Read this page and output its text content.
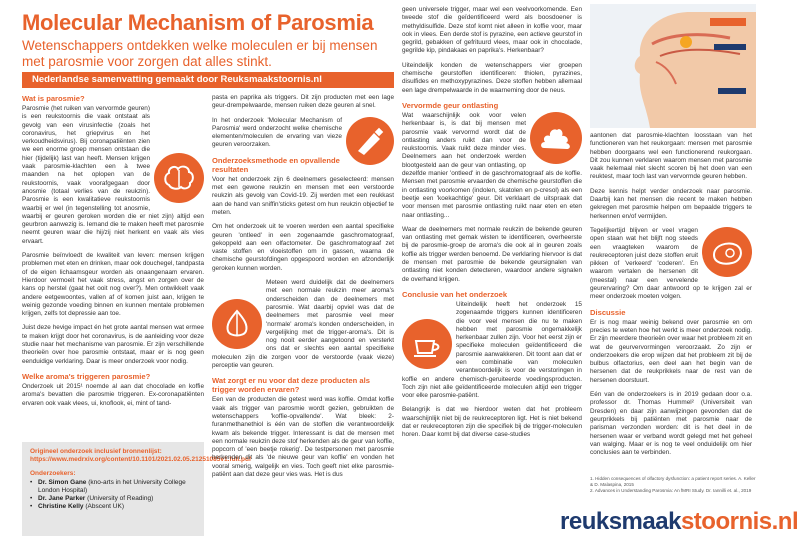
Molecular Mechanism of Parosmia
Wetenschappers ontdekken welke moleculen er bij mensen met parosmie voor zorgen dat alles stinkt.
Nederlandse samenvatting gemaakt door Reuksmaakstoornis.nl
Wat is parosmie?

Parosmie (het ruiken van vervormde geuren) is een reukstoornis die vaak ontstaat als gevolg van een virusinfectie (zoals het coronavirus, het griepvirus en het verkoudheidsvirus). Bij coronapatiënten zien we een enorme groep mensen ontstaan die hier (tijdelijk) last van heeft. Mensen krijgen vaak parosmie-klachten een à twee maanden na het oplopen van de reukstoornis, vaak voorafgegaan door anosmie (totaal verlies van de reukzin). Parosmie is een kwalitatieve reukstoornis waarbij er wel (in tegenstelling tot anosmie, waarbij er geuren geroken worden die er niet zijn) altijd een geurbron aanwezig is. Iemand die te maken heeft met parosmie neemt geuren waar die hij/zij niet herkent en vaak als vies ervaart.

Parosmie beïnvloedt de kwaliteit van leven: mensen krijgen problemen met eten en drinken, maar ook douchegel, tandpasta of de eigen lichaamsgeur worden als onaangenaam ervaren. Hierdoor vermoeit het vaak stress, angst en zorgen over de kans op herstel (gaat het ooit nog over?). Men ontwikkelt vaak andere eetgewoontes, vallen af of komen juist aan, krijgen te weinig gezonde voeding binnen en kunnen mentale problemen krijgen, zelfs tot depressie aan toe.

Juist deze hevige impact én het grote aantal mensen wat ermee te maken krijgt door het coronavirus, is de aanleiding voor deze studie naar het mechanisme van parosmie. Er zijn verschillende theorieën over hoe parosmie ontstaat, maar er is nog geen eenduidige verklaring. Daar is meer onderzoek voor nodig.

Welke aroma's triggeren parosmie?

Onderzoek uit 2015¹ noemde al aan dat chocolade en koffie aroma's bevatten die parosmie triggeren. Ex-coronapatiënten ervaren ook vaak vlees, ui, knoflook, ei, mint of tand-

Origineel onderzoek inclusief bronnenlijst:
https://www.medrxiv.org/content/10.1101/2021.02.05.21251085v1.full.pdf
Onderzoekers:
• Dr. Simon Gane (kno-arts in het University College London Hospital)
• Dr. Jane Parker (University of Reading)
• Christine Kelly (Abscent UK)

pasta en paprika als triggers. Dit zijn producten met een lage geur-drempelwaarde, mensen ruiken deze geuren al snel.

In het onderzoek 'Molecular Mechanism of Parosmia' werd onderzocht welke chemische elementen/moleculen de ervaring van vieze geuren veroorzaken.

Onderzoeksmethode en opvallende resultaten

Voor het onderzoek zijn 6 deelnemers geselecteerd: mensen met een gewone reukzin en mensen met een verstoorde reukzin als gevolg van Covid-19. Zij werden met een reukkast aan de hand van sniffin'sticks getest om hun reukzin objectief te meten.

Om het onderzoek uit te voeren werden een aantal specifieke geuren 'ontleed' in een zogenaamde gaschromatograaf, gekoppeld aan een olfactometer. De gaschromatograaf zet vaste stoffen en vloeistoffen om in gassen, waarna de chemische geurstofdingen opgespoord worden en afzonderlijk geroken kunnen worden.

Meteen werd duidelijk dat de deelnemers met een normale reukzin meer aroma's onderscheiden dan de deelnemers met parosmie. Wat daarbij opviel was dat de deelnemers met parosmie veel meer 'normale' aroma's konden onderscheiden, in vergelijking met de trigger-aroma's. Dit is nog nooit eerder aangetoond en versterkt ons dat er slechts een aantal specifieke moleculen zijn die zorgen voor de verstoorde (vaak vieze) perceptie van geuren.

Wat zorgt er nu voor dat deze producten als trigger worden ervaren?

Een van de producten die getest werd was koffie. Omdat koffie vaak als trigger van parosmie wordt gezien, gebruikten de wetenschappers 'koffie-opvallende'. Wat bleek: 2-furanmethanethiol is één van de stoffen die verantwoordelijk kwam als bekende trigger. Interessant is dat de mensen met een normale reukzin deze stof herkenden als de geur van koffie, popcorn of 'een beetje rokerig'. De testpersonen met parosmie herkenden dit als 'de nieuwe geur van koffie' en vonden het vooral smerig, walgelijk en vies. Toch geeft niet elke parosmie-patiënt aan dat deze geur vies was. Het is dus

geen universele trigger, maar wel een veelvoorkomende. Een tweede stof die geïdentificeerd werd als boosdoener is methyldisulfide. Deze stof komt niet alleen in koffie voor, maar ook in vlees. Een derde stof is pyrazine, een actieve geurstof in gegrild, gebakken of gefrituurd vlees, maar ook in chocolade, gegrilde kip, pindakaas en paprika's. Herkenbaar?

Uiteindelijk konden de wetenschappers vier groepen chemische geurstoffen identificeren: thiolen, pyrazines, disulfides en methoxypyrazines. Deze stoffen hebben allemaal een lage drempelwaarde in de waarneming door de neus.

Vervormde geur ontlasting

Wat waarschijnlijk ook voor velen herkenbaar is, is dat bij mensen met parosmie vaak vervormd wordt dat de ontlasting anders ruikt dan voor de reukstoornis. Vaak ruikt deze minder vies. Deelnemers aan het onderzoek werden blootgesteld aan de geur van ontlasting, op dezelfde manier 'ontleed' in de gaschromatograaf als de koffie. Mensen met parosmie ervaarden de chemische geurstoffen die in ontlasting voorkomen (indolen, skatolen en p-cresol) als een beetje een 'koekachtige' geur. Dit verklaart de uitspraak dat voor mensen met parosmie ontlasting ruikt naar eten en eten naar ontlasting...

Waar de deelnemers met normale reukzin de bekende geuren van ontlasting met gemak wisten te identificeren, overheerste bij de parosmie-groep de aroma's die ook al in geuren zoals koffie als trigger werden benoemd. De verklaring hiervoor is dat de mensen met parosmie de bekende geursignalen van ontlasting niet konden detecteren, waardoor andere signalen de overhand krijgen.

Conclusie van het onderzoek

Uiteindelijk heeft het onderzoek 15 zogenaamde triggers kunnen identificeren die voor veel mensen die nu te maken hebben met parosmie ongemakkelijk herkenbaar zullen zijn. Voor het eerst zijn er specifieke moleculen geïdentificeerd die parosmie aanwakkeren. Dit toont aan dat er een combinatie van moleculen verantwoordelijk is voor de verstoringen in koffie en andere chemisch-geruiteerde voedingsproducten. Toch zijn niet alle geïdentificeerde moleculen altijd een trigger voor elke parosmie-patiënt.

Belangrijk is dat we hierdoor weten dat het probleem waarschijnlijk niet bij de reukreceptoren ligt. Het is niet bekend dat er reukreceptoren zijn die specifiek bij de trigger-moleculen horen. Daar komt bij dat diverse case-studies

aantonen dat parosmie-klachten loosstaan van het functioneren van het reukorgaan: mensen met parosmie hebben doorgaans wel een functionerend reukorgaan. Dit zou kunnen verklaren waarom mensen met parosmie vaak helemaal niet slecht scoren bij het doen van een reuktest, maar toch last van vervormde geuren hebben.

Deze kennis helpt verder onderzoek naar parosmie. Daarbij kan het mensen die recent te maken hebben gekregen met parosmie helpen om bepaalde triggers te herkennen en/of vermijden.

Tegelijkertijd blijven er veel vragen open staan wat het blijft nog steeds een vraagteken waarom de reukreceptoren juist deze stoffen eruit pikken of 'verkeerd' 'coderen'. En waarom vertalen de hersenen dit (meestal) naar een vervelende geurervaring? Om daar antwoord op te krijgen zal er meer onderzoek moeten volgen.

Discussie

Er is nog maar weinig bekend over parosmie en om precies te weten hoe het werkt is meer onderzoek nodig. Er zijn meerdere theorieën over waar het probleem zit en wat de geurvervormingen veroorzaakt. Zo zijn er onderzoekers die erop wijzen dat het probleem zit bij de bulbus olfactorius, een deel aan het begin van de hersenen dat de reukprikkels naar de rest van de hersenen doorstuurt.

Eén van de onderzoekers is in 2019 gedaan door o.a. professor dr. Thomas Hummel² (Universiteit van Dresden) en daar zijn aanwijzingen gevonden dat de geurprikkels bij patiënten met parosmie naar de parisman verzonden worden: dit is het deel in de hersenen waar er verband wordt gelegd met het geheel van walging. Maar er is nog te veel onduidelijk om hier conclusies aan te verbinden.

1. Hidden consequences of olfactory dysfunction: a patient report series. A. Keller & D. Malaspina, 2015
2. Advances in Understanding Parosmia: An fMRI Study. Dr. Iannilli et. al., 2019
reuksmaakstoornis.nl
